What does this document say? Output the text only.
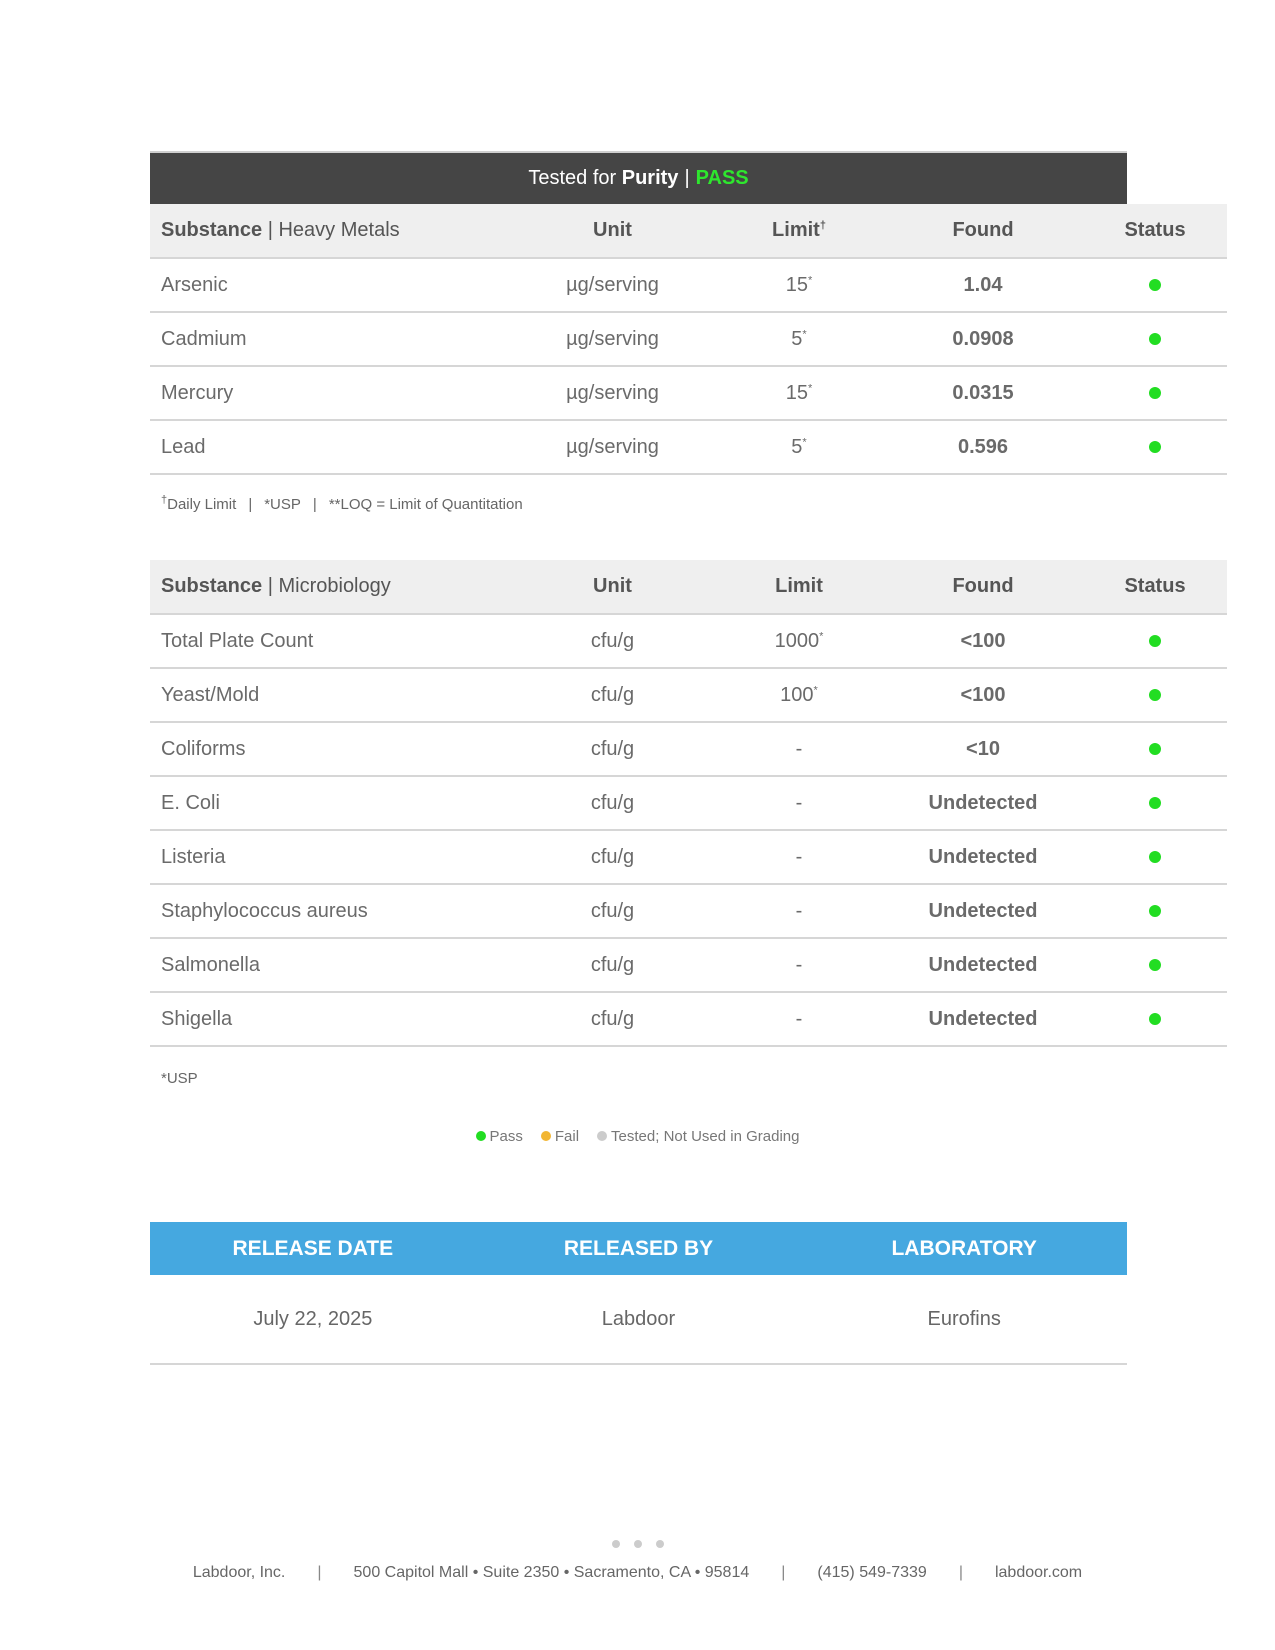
Tested for
Purity | PASS
Substance | Heavy Metals	Unit	Limit†	Found	Status
Arsenic	µg/serving	15*	1.04	
Cadmium	µg/serving	5*	0.0908	
Mercury	µg/serving	15*	0.0315	
Lead	µg/serving	5*	0.596	
†Daily Limit | *USP | **LOQ = Limit of Quantitation
Substance | Microbiology	Unit	Limit	Found	Status
Total Plate Count	cfu/g	1000*	<100	
Yeast/Mold	cfu/g	100*	<100	
Coliforms	cfu/g	-	<10	
E. Coli	cfu/g	-	Undetected	
Listeria	cfu/g	-	Undetected	
Staphylococcus aureus	cfu/g	-	Undetected	
Salmonella	cfu/g	-	Undetected	
Shigella	cfu/g	-	Undetected	
*USP
Pass Fail Tested; Not Used in Grading
RELEASE DATE	RELEASED BY	LABORATORY
July 22, 2025	Labdoor	Eurofins
Labdoor, Inc. | 500 Capitol Mall • Suite 2350 • Sacramento, CA • 95814 | (415) 549-7339 | labdoor.com
